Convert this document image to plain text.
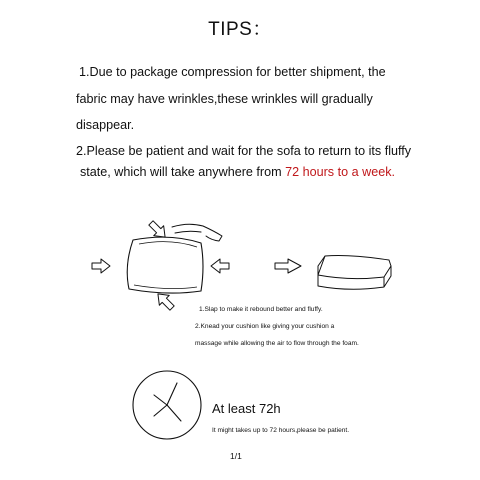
TIPS：
1.Due to package compression for better shipment, the
fabric may have wrinkles,these wrinkles will gradually
disappear.
2.Please be patient and wait for the sofa to return to its fluffy
state, which will take anywhere from 72 hours to a week.
1.Slap to make it rebound better and fluffy.
2.Knead your cushion like giving your cushion a
massage while allowing the air to flow through the foam.
At least 72h
It might takes up to 72 hours,please be patient.
1/1
